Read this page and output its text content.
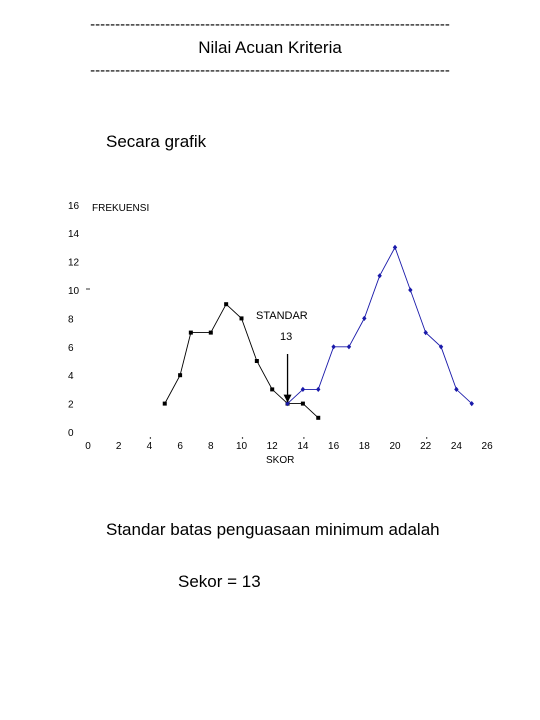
------------------------------------------------------------------------
Nilai Acuan Kriteria
------------------------------------------------------------------------
Secara grafik
0
2
4
6
8
10
12
14
16
0	2	4	6	8 10 12 14 16 18 20 22 24 26
STANDAR
13
FREKUENSI
SKOR
Standar batas penguasaan minimum adalah
Sekor = 13
